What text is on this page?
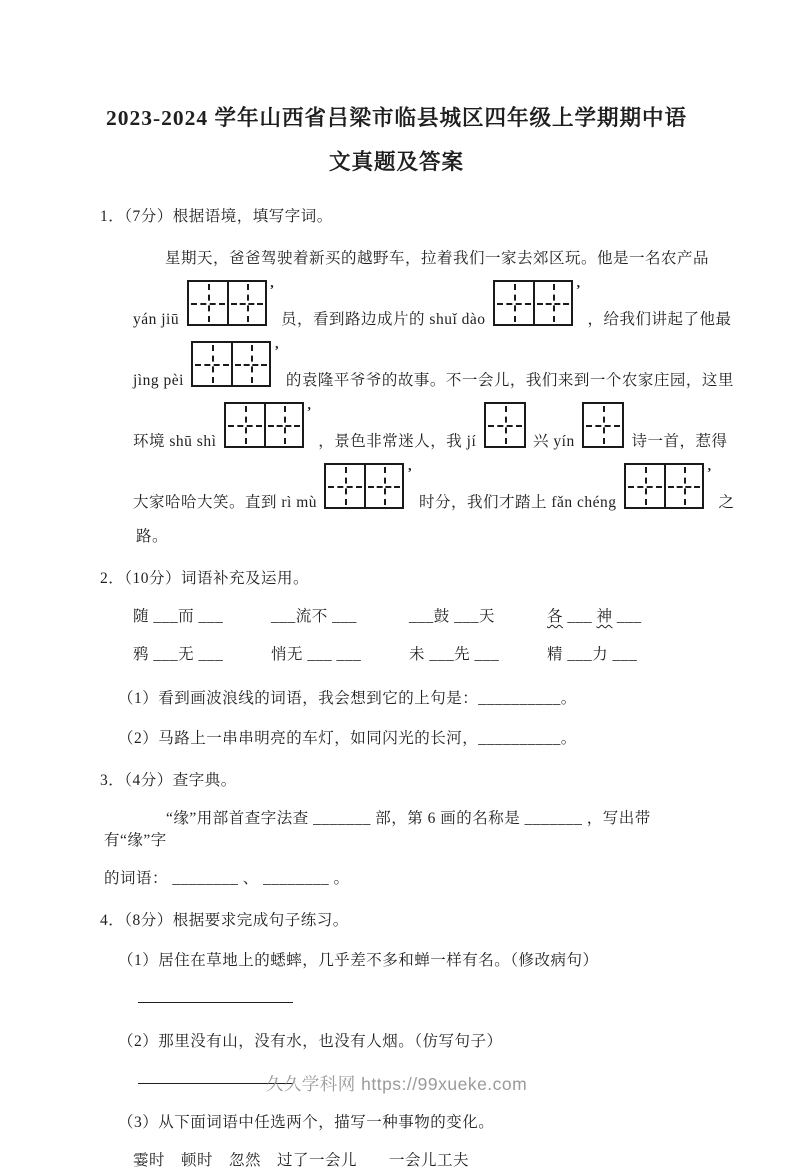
2023-2024 学年山西省吕梁市临县城区四年级上学期期中语
文真题及答案
1．（7分）根据语境，填写字词。
星期天，爸爸驾驶着新买的越野车，拉着我们一家去郊区玩。他是一名农产品
yán jiū
’ 员，看到路边成片的 shuǐ dào
’ ，给我们讲起了他最
jìng pèi
’ 的袁隆平爷爷的故事。不一会儿，我们来到一个农家庄园，这里
环境 shū shì
’ ，景色非常迷人，我 jí	兴 yín	诗一首，惹得
大家哈哈大笑。直到 rì mù
’ 时分，我们才踏上 fǎn chéng
’ 之
路。
2．（10分）词语补充及运用。
随 ___而 ___	___流不 ___	___鼓 ___天	各 ___ 神 ___
鸦 ___无 ___	悄无 ___ ___	未 ___先 ___	精 ___力 ___
（1）看到画波浪线的词语，我会想到它的上句是：__________。
（2）马路上一串串明亮的车灯，如同闪光的长河，__________。
3．（4分）查字典。
“缘”用部首查字法查 _______ 部，第 6 画的名称是 _______ ，写出带有“缘”字
的词语： ________ 、 ________ 。
4．（8分）根据要求完成句子练习。
（1）居住在草地上的蟋蟀，几乎差不多和蝉一样有名。（修改病句）
（2）那里没有山，没有水，也没有人烟。（仿写句子）
（3）从下面词语中任选两个，描写一种事物的变化。
霎时　顿时　忽然　过了一会儿　　一会儿工夫
久久学科网 https://99xueke.com
